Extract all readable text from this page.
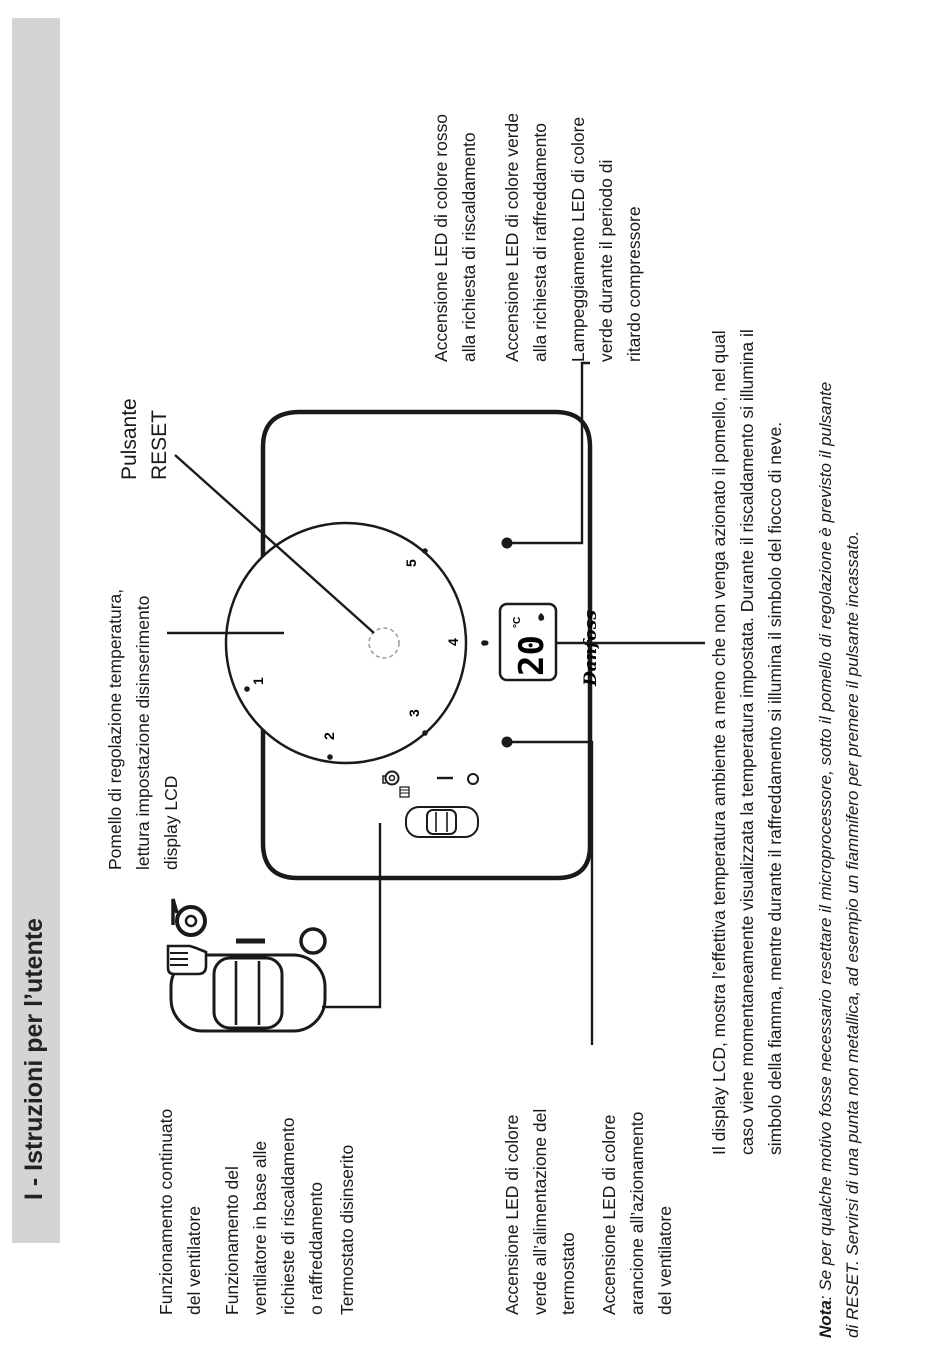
I - Istruzioni per l’utente
1
2
3
4
5
20
°C	Danfoss
Funzionamento continuato del ventilatore Funzionamento del ventilatore in base alle richieste di riscaldamento o raffreddamento Termostato disinserito	Accensione LED di colore verde all’alimentazione del termostato Accensione LED di colore arancione all’azionamento del ventilatore
Pomello di regolazione temperatura, lettura impostazione disinserimento display LCD
Pulsante RESET
Accensione LED di colore rosso alla richiesta di riscaldamento Accensione LED di colore verde alla richiesta di raffreddamento Lampeggiamento LED di colore verde durante il periodo di ritardo compressore
Il display LCD, mostra l’effettiva temperatura ambiente a meno che non venga azionato il pomello, nel qual caso viene momentaneamente visualizzata la temperatura impostata. Durante il riscaldamento si illumina il simbolo della fiamma, mentre durante il raffreddamento si illumina il simbolo del fiocco di neve.
Nota: Se per qualche motivo fosse necessario resettare il microprocessore, sotto il pomello di regolazione è previsto il pulsante di RESET. Servirsi di una punta non metallica, ad esempio un fiammifero per premere il pulsante incassato.
